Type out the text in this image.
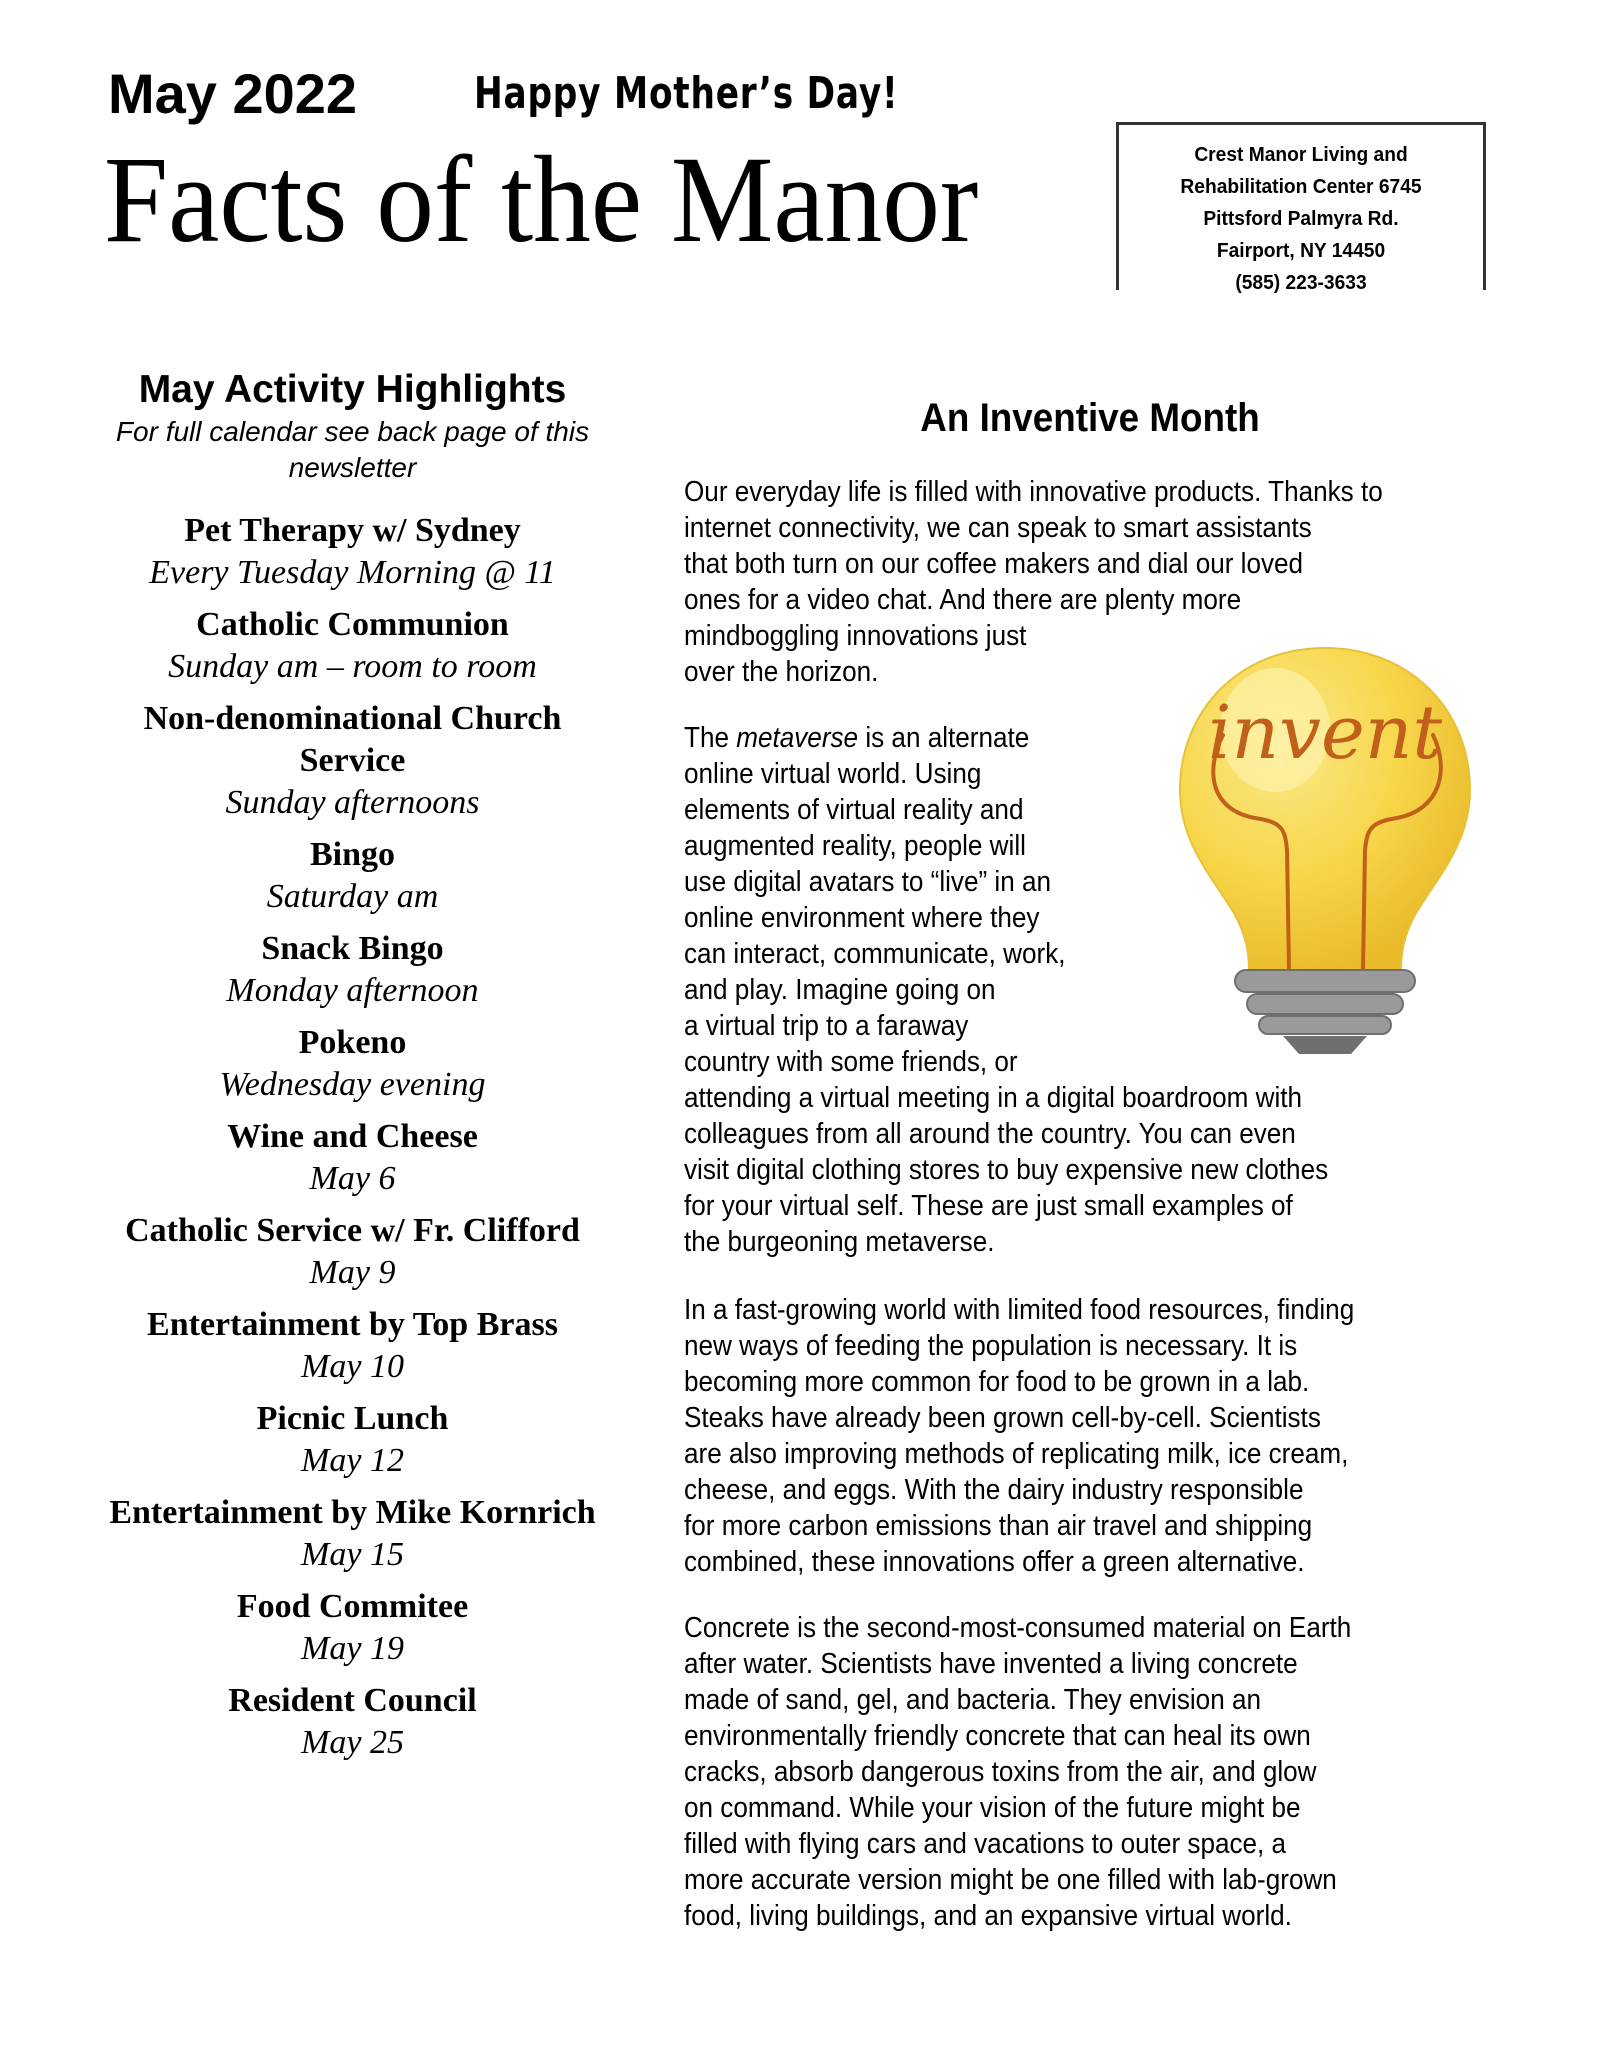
May 2022	Happy Mother’s Day!
Facts of the Manor	Crest Manor Living and
Rehabilitation Center 6745
Pittsford Palmyra Rd.
Fairport, NY 14450
(585) 223-3633
May Activity Highlights

For full calendar see back page of this newsletter

Pet Therapy w/ Sydney
Every Tuesday Morning @ 11
Catholic Communion
Sunday am – room to room
Non-denominational Church Service
Sunday afternoons
Bingo
Saturday am
Snack Bingo
Monday afternoon
Pokeno
Wednesday evening
Wine and Cheese
May 6
Catholic Service w/ Fr. Clifford
May 9
Entertainment by Top Brass
May 10
Picnic Lunch
May 12
Entertainment by Mike Kornrich
May 15
Food Commitee
May 19
Resident Council
May 25
An Inventive Month
Our everyday life is filled with innovative products. Thanks to
internet connectivity, we can speak to smart assistants
that both turn on our coffee makers and dial our loved
ones for a video chat. And there are plenty more
mindboggling innovations just
over the horizon.
The metaverse is an alternate
online virtual world. Using
elements of virtual reality and
augmented reality, people will
use digital avatars to “live” in an
online environment where they
can interact, communicate, work,
and play. Imagine going on
a virtual trip to a faraway
country with some friends, or
attending a virtual meeting in a digital boardroom with
colleagues from all around the country. You can even
visit digital clothing stores to buy expensive new clothes
for your virtual self. These are just small examples of
the burgeoning metaverse.
In a fast-growing world with limited food resources, finding
new ways of feeding the population is necessary. It is
becoming more common for food to be grown in a lab.
Steaks have already been grown cell-by-cell. Scientists
are also improving methods of replicating milk, ice cream,
cheese, and eggs. With the dairy industry responsible
for more carbon emissions than air travel and shipping
combined, these innovations offer a green alternative.
Concrete is the second-most-consumed material on Earth
after water. Scientists have invented a living concrete
made of sand, gel, and bacteria. They envision an
environmentally friendly concrete that can heal its own
cracks, absorb dangerous toxins from the air, and glow
on command. While your vision of the future might be
filled with flying cars and vacations to outer space, a
more accurate version might be one filled with lab-grown
food, living buildings, and an expansive virtual world.
invent
